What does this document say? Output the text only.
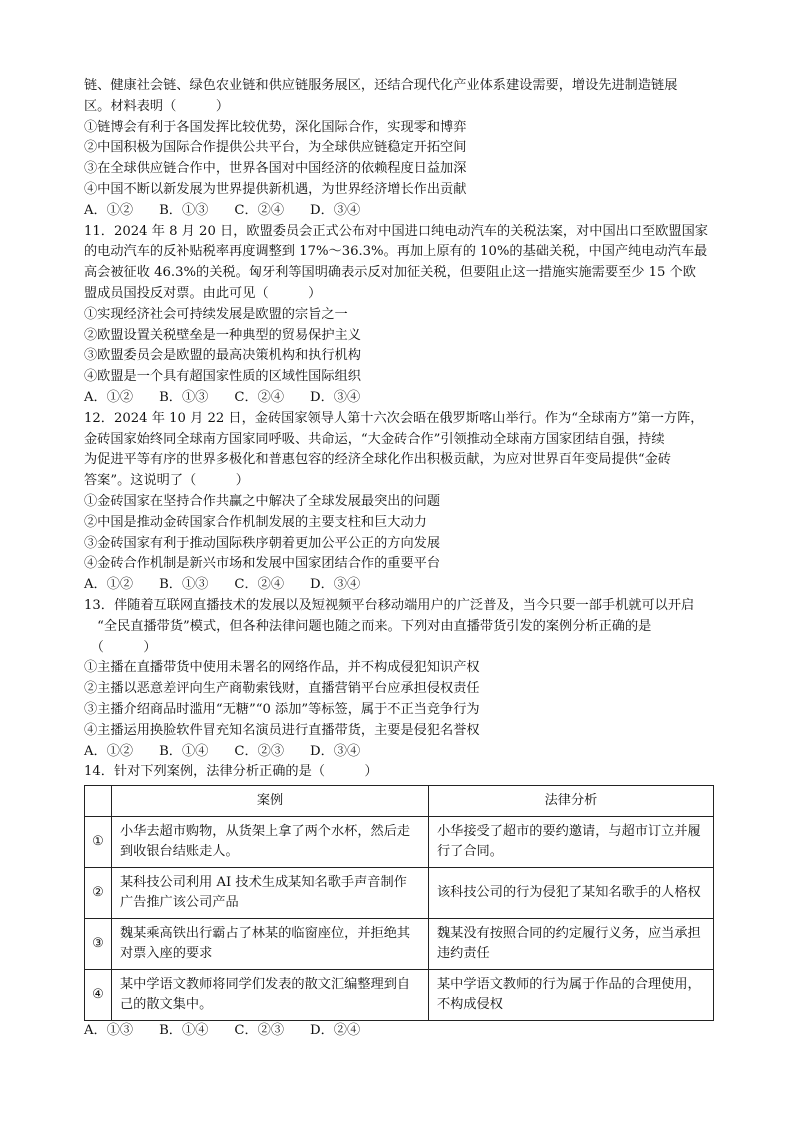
链、健康社会链、绿色农业链和供应链服务展区，还结合现代化产业体系建设需要，增设先进制造链展
区。材料表明（　　　）
①链博会有利于各国发挥比较优势，深化国际合作，实现零和博弈
②中国积极为国际合作提供公共平台，为全球供应链稳定开拓空间
③在全球供应链合作中，世界各国对中国经济的依赖程度日益加深
④中国不断以新发展为世界提供新机遇，为世界经济增长作出贡献
A．①② B．①③ C．②④ D．③④
11．2024 年 8 月 20 日，欧盟委员会正式公布对中国进口纯电动汽车的关税法案，对中国出口至欧盟国家
的电动汽车的反补贴税率再度调整到 17%～36.3%。再加上原有的 10%的基础关税，中国产纯电动汽车最
高会被征收 46.3%的关税。匈牙利等国明确表示反对加征关税，但要阻止这一措施实施需要至少 15 个欧
盟成员国投反对票。由此可见（　　　）
①实现经济社会可持续发展是欧盟的宗旨之一
②欧盟设置关税壁垒是一种典型的贸易保护主义
③欧盟委员会是欧盟的最高决策机构和执行机构
④欧盟是一个具有超国家性质的区域性国际组织
A．①② B．①③ C．②④ D．③④
12．2024 年 10 月 22 日，金砖国家领导人第十六次会晤在俄罗斯喀山举行。作为“全球南方”第一方阵，
金砖国家始终同全球南方国家同呼吸、共命运，“大金砖合作”引领推动全球南方国家团结自强，持续
为促进平等有序的世界多极化和普惠包容的经济全球化作出积极贡献，为应对世界百年变局提供“金砖
答案”。这说明了（　　　）
①金砖国家在坚持合作共赢之中解决了全球发展最突出的问题
②中国是推动金砖国家合作机制发展的主要支柱和巨大动力
③金砖国家有利于推动国际秩序朝着更加公平公正的方向发展
④金砖合作机制是新兴市场和发展中国家团结合作的重要平台
A．①② B．①③ C．②④ D．③④
13．伴随着互联网直播技术的发展以及短视频平台移动端用户的广泛普及，当今只要一部手机就可以开启
　“全民直播带货”模式，但各种法律问题也随之而来。下列对由直播带货引发的案例分析正确的是
　（　　　）
①主播在直播带货中使用未署名的网络作品，并不构成侵犯知识产权
②主播以恶意差评向生产商勒索钱财，直播营销平台应承担侵权责任
③主播介绍商品时滥用“无糖”“0 添加”等标签，属于不正当竞争行为
④主播运用换脸软件冒充知名演员进行直播带货，主要是侵犯名誉权
A．①② B．①④ C．②③ D．③④
14．针对下列案例，法律分析正确的是（　　　）
	案例	法律分析
①	小华去超市购物，从货架上拿了两个水杯，然后走到收银台结账走人。	小华接受了超市的要约邀请，与超市订立并履行了合同。
②	某科技公司利用 AI 技术生成某知名歌手声音制作广告推广该公司产品	该科技公司的行为侵犯了某知名歌手的人格权
③	魏某乘高铁出行霸占了林某的临窗座位，并拒绝其对票入座的要求	魏某没有按照合同的约定履行义务，应当承担违约责任
④	某中学语文教师将同学们发表的散文汇编整理到自己的散文集中。	某中学语文教师的行为属于作品的合理使用，不构成侵权
A．①③ B．①④ C．②③ D．②④
